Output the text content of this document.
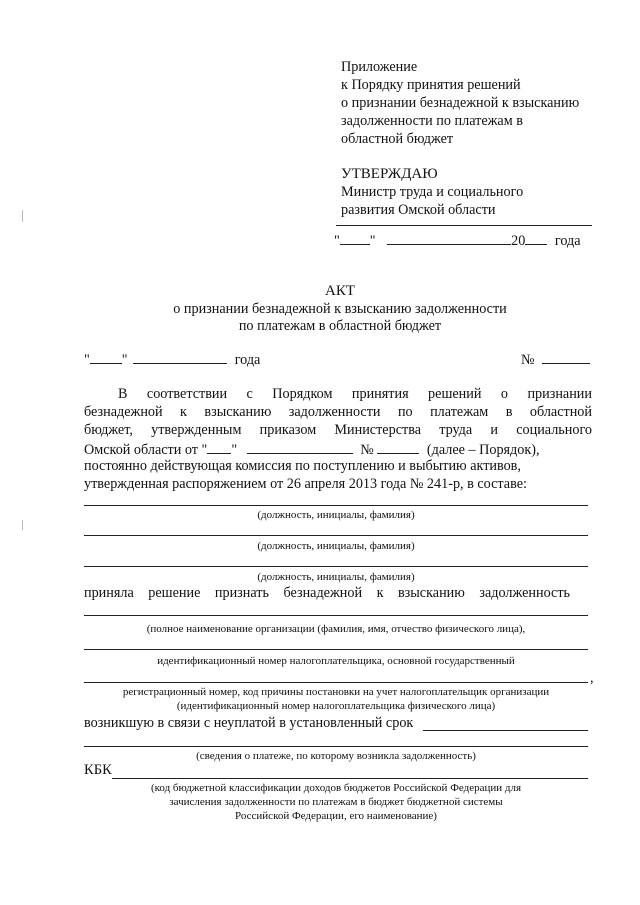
Приложение
к Порядку принятия решений
о признании безнадежной к взысканию
задолженности по платежам в
областной бюджет
УТВЕРЖДАЮ
Министр труда и социального
развития Омской области
" "	20 года
АКТ
о признании безнадежной к взысканию задолженности
по платежам в областной бюджет
" "	года	№
В соответствии с Порядком принятия решений о признании
безнадежной к взысканию задолженности по платежам в областной
бюджет, утвержденным приказом Министерства труда и социального
Омской области от " "	№	(далее – Порядок),
постоянно действующая комиссия по поступлению и выбытию активов,
утвержденная распоряжением от 26 апреля 2013 года № 241-р, в составе:
(должность, инициалы, фамилия)
(должность, инициалы, фамилия)
(должность, инициалы, фамилия)
приняла решение признать безнадежной к взысканию задолженность
(полное наименование организации (фамилия, имя, отчество физического лица),
идентификационный номер налогоплательщика, основной государственный
,
регистрационный номер, код причины постановки на учет налогоплательщик организации
(идентификационный номер налогоплательщика физического лица)
возникшую в связи с неуплатой в установленный срок
(сведения о платеже, по которому возникла задолженность)
КБК
(код бюджетной классификации доходов бюджетов Российской Федерации для
зачисления задолженности по платежам в бюджет бюджетной системы
Российской Федерации, его наименование)
